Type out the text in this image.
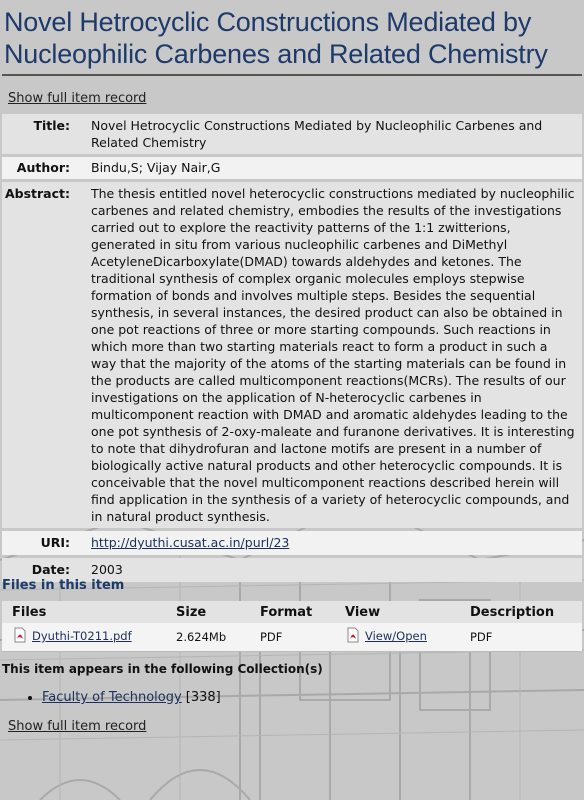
Novel Hetrocyclic Constructions Mediated by Nucleophilic Carbenes and Related Chemistry
Show full item record
Title:	Novel Hetrocyclic Constructions Mediated by Nucleophilic Carbenes and Related Chemistry

Author:	Bindu,S; Vijay Nair,G

Abstract:	The thesis entitled novel heterocyclic constructions mediated by nucleophilic carbenes and related chemistry, embodies the results of the investigations carried out to explore the reactivity patterns of the 1:1 zwitterions, generated in situ from various nucleophilic carbenes and DiMethyl AcetyleneDicarboxylate(DMAD) towards aldehydes and ketones. The traditional synthesis of complex organic molecules employs stepwise formation of bonds and involves multiple steps. Besides the sequential synthesis, in several instances, the desired product can also be obtained in one pot reactions of three or more starting compounds. Such reactions in which more than two starting materials react to form a product in such a way that the majority of the atoms of the starting materials can be found in the products are called multicomponent reactions(MCRs). The results of our investigations on the application of N-heterocyclic carbenes in multicomponent reaction with DMAD and aromatic aldehydes leading to the one pot synthesis of 2-oxy-maleate and furanone derivatives. It is interesting to note that dihydrofuran and lactone motifs are present in a number of biologically active natural products and other heterocyclic compounds. It is conceivable that the novel multicomponent reactions described herein will find application in the synthesis of a variety of heterocyclic compounds, and in natural product synthesis.

URI:	http://dyuthi.cusat.ac.in/purl/23

Date:	2003
Files in this item
Files	Size	Format	View	Description
Dyuthi-T0211.pdf	2.624Mb	PDF	View/Open	PDF
This item appears in the following Collection(s)
• Faculty of Technology [338]
Show full item record
